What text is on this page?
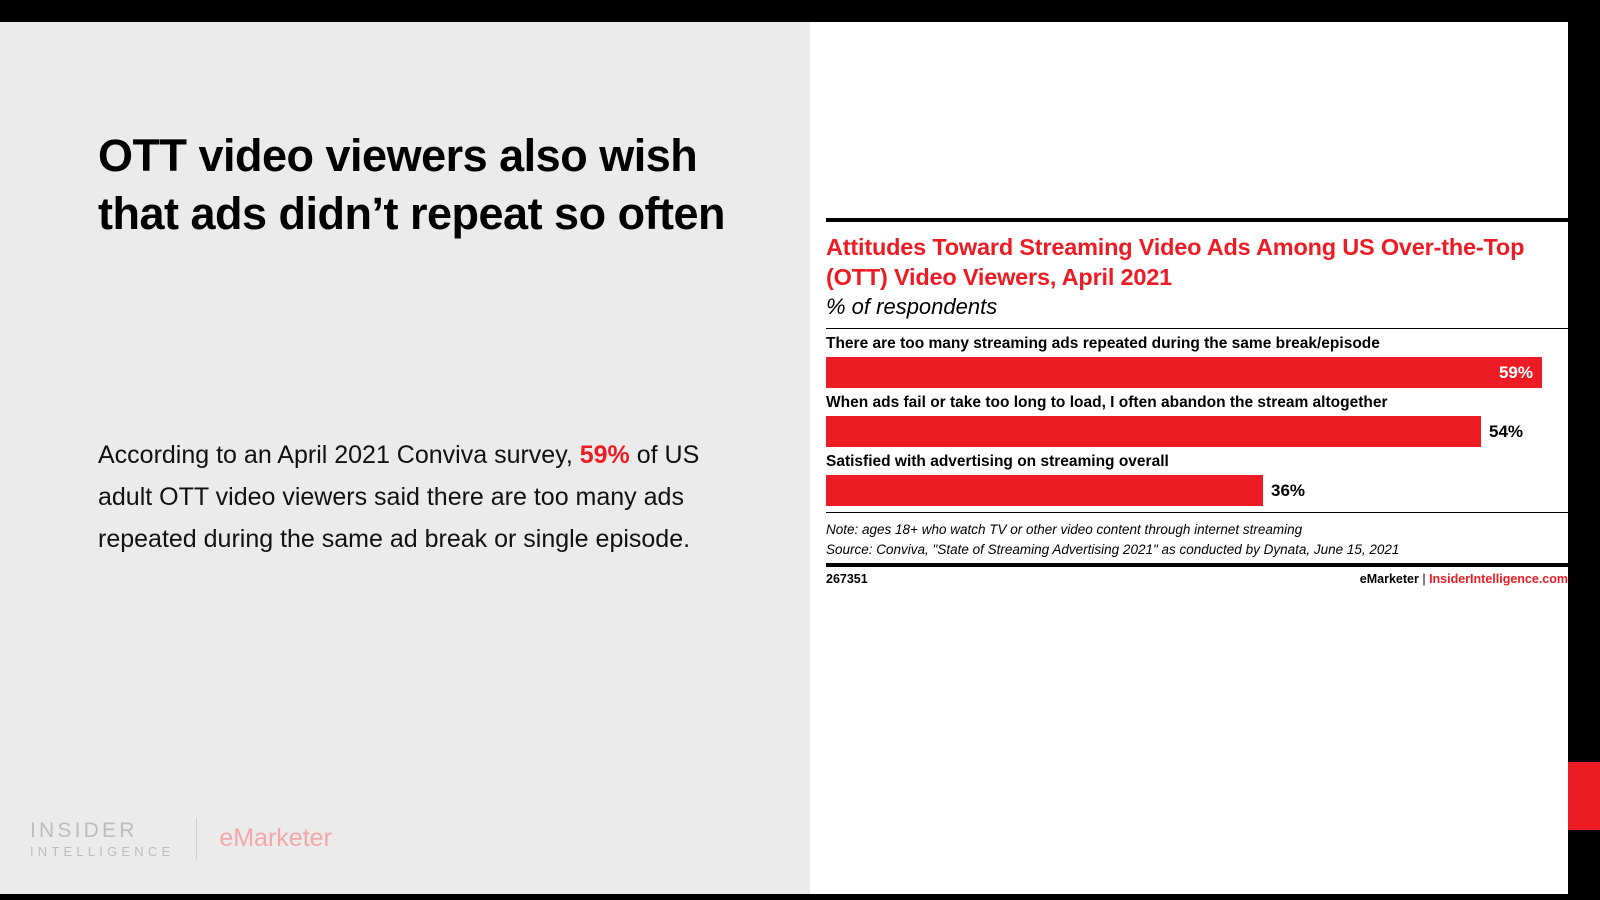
OTT video viewers also wish that ads didn’t repeat so often
According to an April 2021 Conviva survey, 59% of US adult OTT video viewers said there are too many ads repeated during the same ad break or single episode.
INSIDER
INTELLIGENCE eMarketer
Attitudes Toward Streaming Video Ads Among US Over-the-Top (OTT) Video Viewers, April 2021
% of respondents
There are too many streaming ads repeated during the same break/episode
59%
When ads fail or take too long to load, I often abandon the stream altogether
54%
Satisfied with advertising on streaming overall
36%
Note: ages 18+ who watch TV or other video content through internet streaming
Source: Conviva, "State of Streaming Advertising 2021" as conducted by Dynata, June 15, 2021
267351	eMarketer | InsiderIntelligence.com
